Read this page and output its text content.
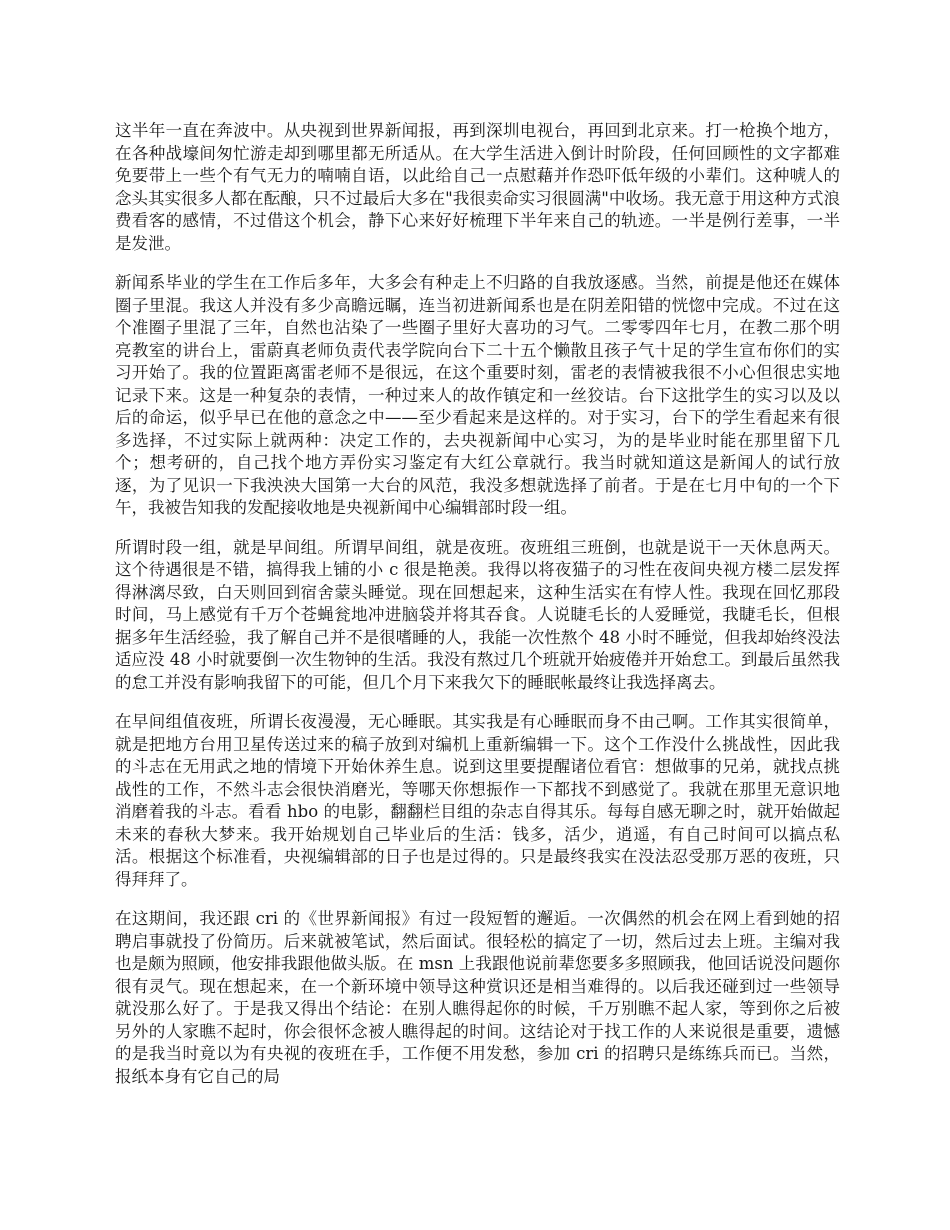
这半年一直在奔波中。从央视到世界新闻报，再到深圳电视台，再回到北京来。打一枪换个地方，在各种战壕间匆忙游走却到哪里都无所适从。在大学生活进入倒计时阶段，任何回顾性的文字都难免要带上一些个有气无力的喃喃自语，以此给自己一点慰藉并作恐吓低年级的小辈们。这种唬人的念头其实很多人都在酝酿，只不过最后大多在"我很卖命实习很圆满"中收场。我无意于用这种方式浪费看客的感情，不过借这个机会，静下心来好好梳理下半年来自己的轨迹。一半是例行差事，一半是发泄。

新闻系毕业的学生在工作后多年，大多会有种走上不归路的自我放逐感。当然，前提是他还在媒体圈子里混。我这人并没有多少高瞻远瞩，连当初进新闻系也是在阴差阳错的恍惚中完成。不过在这个准圈子里混了三年，自然也沾染了一些圈子里好大喜功的习气。二零零四年七月，在教二那个明亮教室的讲台上，雷蔚真老师负责代表学院向台下二十五个懒散且孩子气十足的学生宣布你们的实习开始了。我的位置距离雷老师不是很远，在这个重要时刻，雷老的表情被我很不小心但很忠实地记录下来。这是一种复杂的表情，一种过来人的故作镇定和一丝狡诘。台下这批学生的实习以及以后的命运，似乎早已在他的意念之中——至少看起来是这样的。对于实习，台下的学生看起来有很多选择，不过实际上就两种：决定工作的，去央视新闻中心实习，为的是毕业时能在那里留下几个；想考研的，自己找个地方弄份实习鉴定有大红公章就行。我当时就知道这是新闻人的试行放逐，为了见识一下我泱泱大国第一大台的风范，我没多想就选择了前者。于是在七月中旬的一个下午，我被告知我的发配接收地是央视新闻中心编辑部时段一组。

所谓时段一组，就是早间组。所谓早间组，就是夜班。夜班组三班倒，也就是说干一天休息两天。这个待遇很是不错，搞得我上铺的小 c 很是艳羡。我得以将夜猫子的习性在夜间央视方楼二层发挥得淋漓尽致，白天则回到宿舍蒙头睡觉。现在回想起来，这种生活实在有悖人性。我现在回忆那段时间，马上感觉有千万个苍蝇瓮地冲进脑袋并将其吞食。人说睫毛长的人爱睡觉，我睫毛长，但根据多年生活经验，我了解自己并不是很嗜睡的人，我能一次性熬个 48 小时不睡觉，但我却始终没法适应没 48 小时就要倒一次生物钟的生活。我没有熬过几个班就开始疲倦并开始怠工。到最后虽然我的怠工并没有影响我留下的可能，但几个月下来我欠下的睡眠帐最终让我选择离去。

在早间组值夜班，所谓长夜漫漫，无心睡眠。其实我是有心睡眠而身不由己啊。工作其实很简单，就是把地方台用卫星传送过来的稿子放到对编机上重新编辑一下。这个工作没什么挑战性，因此我的斗志在无用武之地的情境下开始休养生息。说到这里要提醒诸位看官：想做事的兄弟，就找点挑战性的工作，不然斗志会很快消磨光，等哪天你想振作一下都找不到感觉了。我就在那里无意识地消磨着我的斗志。看看 hbo 的电影，翻翻栏目组的杂志自得其乐。每每自感无聊之时，就开始做起未来的春秋大梦来。我开始规划自己毕业后的生活：钱多，活少，逍遥，有自己时间可以搞点私活。根据这个标准看，央视编辑部的日子也是过得的。只是最终我实在没法忍受那万恶的夜班，只得拜拜了。

在这期间，我还跟 cri 的《世界新闻报》有过一段短暂的邂逅。一次偶然的机会在网上看到她的招聘启事就投了份简历。后来就被笔试，然后面试。很轻松的搞定了一切，然后过去上班。主编对我也是颇为照顾，他安排我跟他做头版。在 msn 上我跟他说前辈您要多多照顾我，他回话说没问题你很有灵气。现在想起来，在一个新环境中领导这种赏识还是相当难得的。以后我还碰到过一些领导就没那么好了。于是我又得出个结论：在别人瞧得起你的时候，千万别瞧不起人家，等到你之后被另外的人家瞧不起时，你会很怀念被人瞧得起的时间。这结论对于找工作的人来说很是重要，遗憾的是我当时竟以为有央视的夜班在手，工作便不用发愁，参加 cri 的招聘只是练练兵而已。当然，报纸本身有它自己的局
